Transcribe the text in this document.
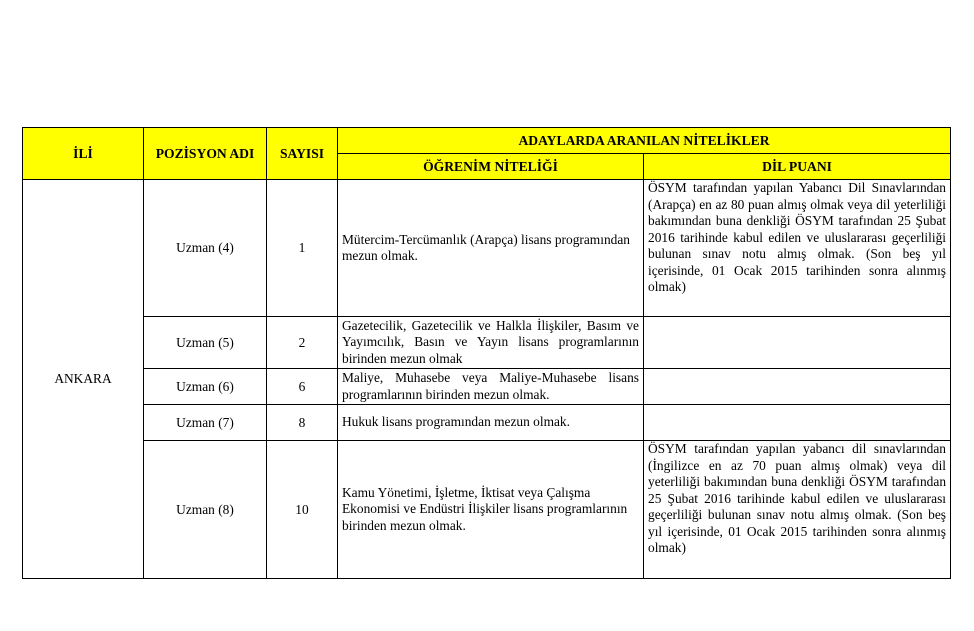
İLİ	POZİSYON ADI	SAYISI	ADAYLARDA ARANILAN NİTELİKLER	
			ÖĞRENİM NİTELİĞİ	DİL PUANI
ANKARA	Uzman (4)	1	Mütercim-Tercümanlık (Arapça) lisans programından mezun olmak.	ÖSYM tarafından yapılan Yabancı Dil Sınavlarından (Arapça) en az 80 puan almış olmak veya dil yeterliliği bakımından buna denkliği ÖSYM tarafından 25 Şubat 2016 tarihinde kabul edilen ve uluslararası geçerliliği bulunan sınav notu almış olmak. (Son beş yıl içerisinde, 01 Ocak 2015 tarihinden sonra alınmış olmak)
	Uzman (5)	2	Gazetecilik, Gazetecilik ve Halkla İlişkiler, Basım ve Yayımcılık, Basın ve Yayın lisans programlarının birinden mezun olmak	
	Uzman (6)	6	Maliye, Muhasebe veya Maliye-Muhasebe lisans programlarının birinden mezun olmak.	
	Uzman (7)	8	Hukuk lisans programından mezun olmak.	
	Uzman (8)	10	Kamu Yönetimi, İşletme, İktisat veya Çalışma Ekonomisi ve Endüstri İlişkiler lisans programlarının birinden mezun olmak.	ÖSYM tarafından yapılan yabancı dil sınavlarından (İngilizce en az 70 puan almış olmak) veya dil yeterliliği bakımından buna denkliği ÖSYM tarafından 25 Şubat 2016 tarihinde kabul edilen ve uluslararası geçerliliği bulunan sınav notu almış olmak. (Son beş yıl içerisinde, 01 Ocak 2015 tarihinden sonra alınmış olmak)
